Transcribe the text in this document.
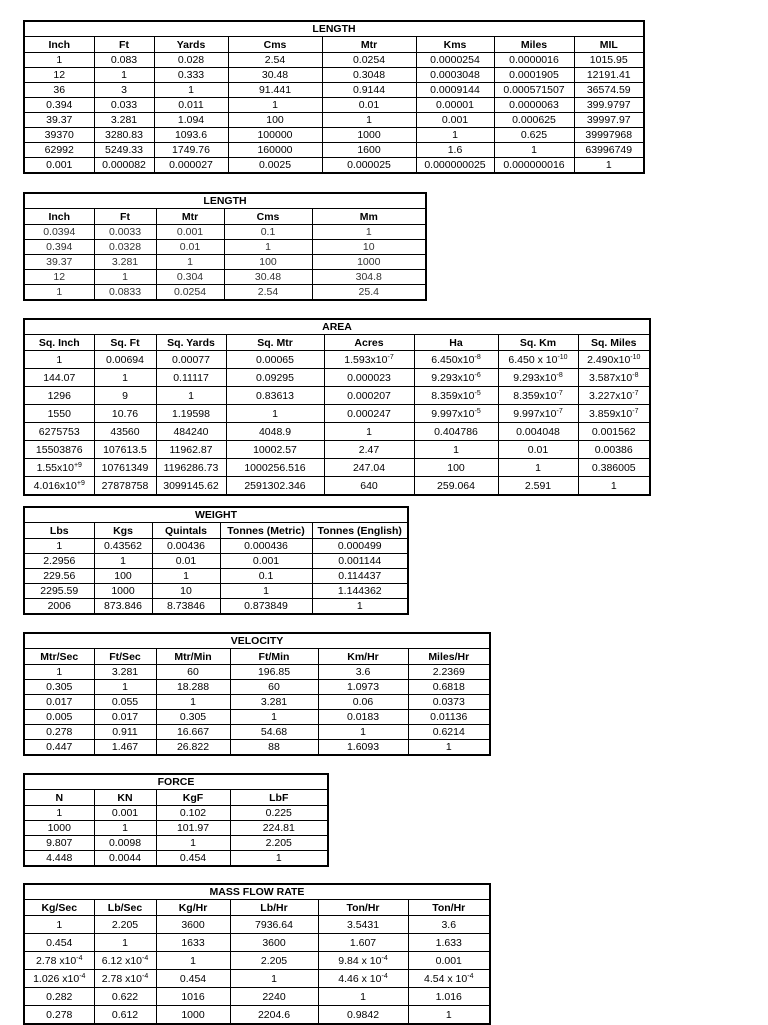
LENGTH							
Inch	Ft	Yards	Cms	Mtr	Kms	Miles	MIL
1	0.083	0.028	2.54	0.0254	0.0000254	0.0000016	1015.95
12	1	0.333	30.48	0.3048	0.0003048	0.0001905	12191.41
36	3	1	91.441	0.9144	0.0009144	0.000571507	36574.59
0.394	0.033	0.011	1	0.01	0.00001	0.0000063	399.9797
39.37	3.281	1.094	100	1	0.001	0.000625	39997.97
39370	3280.83	1093.6	100000	1000	1	0.625	39997968
62992	5249.33	1749.76	160000	1600	1.6	1	63996749
0.001	0.000082	0.000027	0.0025	0.000025	0.000000025	0.000000016	1
LENGTH				
Inch	Ft	Mtr	Cms	Mm
0.0394	0.0033	0.001	0.1	1
0.394	0.0328	0.01	1	10
39.37	3.281	1	100	1000
12	1	0.304	30.48	304.8
1	0.0833	0.0254	2.54	25.4
AREA							
Sq. Inch	Sq. Ft	Sq. Yards	Sq. Mtr	Acres	Ha	Sq. Km	Sq. Miles
1	0.00694	0.00077	0.00065	$1.593x10^{-7}$	$6.450x10^{-8}$	6.450 x $10^{-10}$	$2.490x10^{-10}$
144.07	1	0.11117	0.09295	0.000023	$9.293x10^{-6}$	$9.293x10^{-8}$	$3.587x10^{-8}$
1296	9	1	0.83613	0.000207	$8.359x10^{-5}$	$8.359x10^{-7}$	$3.227x10^{-7}$
1550	10.76	1.19598	1	0.000247	$9.997x10^{-5}$	$9.997x10^{-7}$	$3.859x10^{-7}$
6275753	43560	484240	4048.9	1	0.404786	0.004048	0.001562
15503876	107613.5	11962.87	10002.57	2.47	1	0.01	0.00386
$1.55x10^{+9}$	10761349	1196286.73	1000256.516	247.04	100	1	0.386005
$4.016x10^{+9}$	27878758	3099145.62	2591302.346	640	259.064	2.591	1
WEIGHT				
Lbs	Kgs	Quintals	Tonnes (Metric)	Tonnes (English)
1	0.43562	0.00436	0.000436	0.000499
2.2956	1	0.01	0.001	0.001144
229.56	100	1	0.1	0.114437
2295.59	1000	10	1	1.144362
2006	873.846	8.73846	0.873849	1
VELOCITY					
Mtr/Sec	Ft/Sec	Mtr/Min	Ft/Min	Km/Hr	Miles/Hr
1	3.281	60	196.85	3.6	2.2369
0.305	1	18.288	60	1.0973	0.6818
0.017	0.055	1	3.281	0.06	0.0373
0.005	0.017	0.305	1	0.0183	0.01136
0.278	0.911	16.667	54.68	1	0.6214
0.447	1.467	26.822	88	1.6093	1
FORCE			
N	KN	KgF	LbF
1	0.001	0.102	0.225
1000	1	101.97	224.81
9.807	0.0098	1	2.205
4.448	0.0044	0.454	1
MASS FLOW RATE					
Kg/Sec	Lb/Sec	Kg/Hr	Lb/Hr	Ton/Hr	Ton/Hr
1	2.205	3600	7936.64	3.5431	3.6
0.454	1	1633	3600	1.607	1.633
2.78 $x10^{-4}$	6.12 $x10^{-4}$	1	2.205	9.84 x $10^{-4}$	0.001
1.026 $x10^{-4}$	2.78 $x10^{-4}$	0.454	1	4.46 x $10^{-4}$	4.54 x $10^{-4}$
0.282	0.622	1016	2240	1	1.016
0.278	0.612	1000	2204.6	0.9842	1
